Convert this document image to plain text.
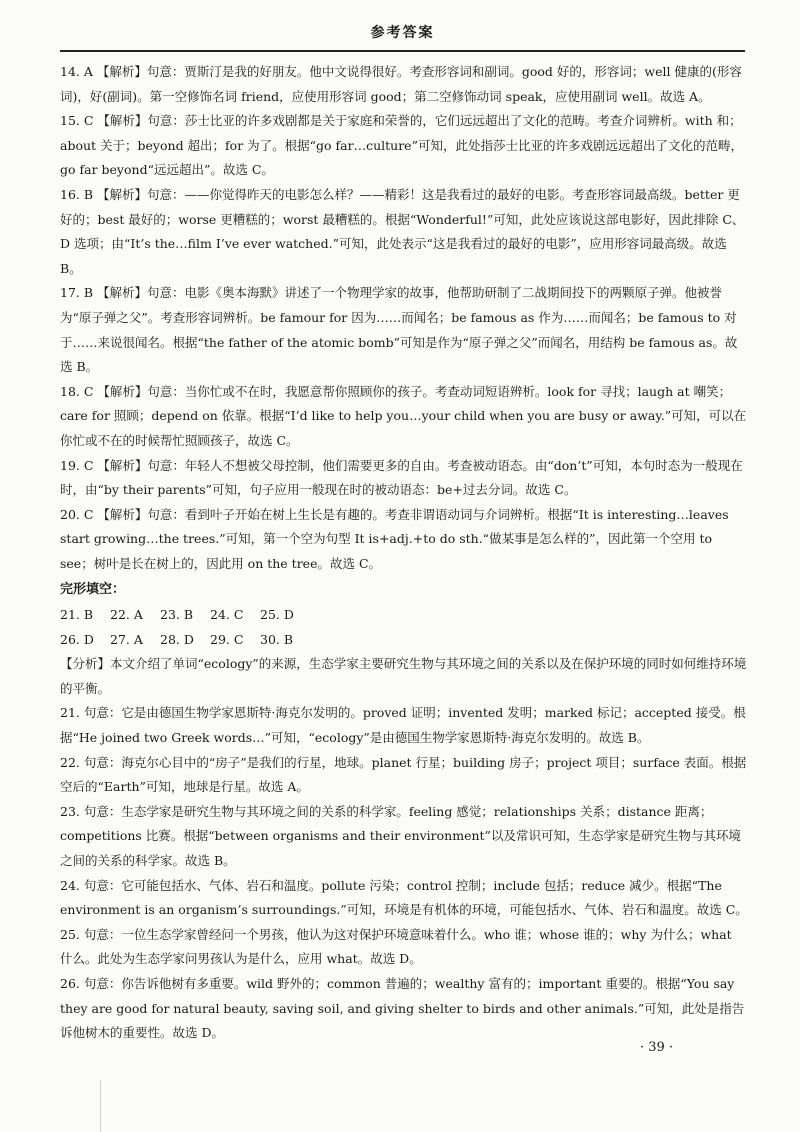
参考答案

14. A 【解析】句意：贾斯汀是我的好朋友。他中文说得很好。考查形容词和副词。good 好的，形容词；well 健康的(形容词)，好(副词)。第一空修饰名词 friend，应使用形容词 good；第二空修饰动词 speak，应使用副词 well。故选 A。

15. C 【解析】句意：莎士比亚的许多戏剧都是关于家庭和荣誉的，它们远远超出了文化的范畴。考查介词辨析。with 和；about 关于；beyond 超出；for 为了。根据“go far…culture”可知，此处指莎士比亚的许多戏剧远远超出了文化的范畴，go far beyond“远远超出”。故选 C。

16. B 【解析】句意：——你觉得昨天的电影怎么样？——精彩！这是我看过的最好的电影。考查形容词最高级。better 更好的；best 最好的；worse 更糟糕的；worst 最糟糕的。根据“Wonderful!”可知，此处应该说这部电影好，因此排除 C、D 选项；由“It’s the…film I’ve ever watched.”可知，此处表示“这是我看过的最好的电影”，应用形容词最高级。故选 B。

17. B 【解析】句意：电影《奥本海默》讲述了一个物理学家的故事，他帮助研制了二战期间投下的两颗原子弹。他被誉为“原子弹之父”。考查形容词辨析。be famour for 因为……而闻名；be famous as 作为……而闻名；be famous to 对于……来说很闻名。根据“the father of the atomic bomb”可知是作为“原子弹之父”而闻名，用结构 be famous as。故选 B。

18. C 【解析】句意：当你忙或不在时，我愿意帮你照顾你的孩子。考查动词短语辨析。look for 寻找；laugh at 嘲笑；care for 照顾；depend on 依靠。根据“I’d like to help you…your child when you are busy or away.”可知，可以在你忙或不在的时候帮忙照顾孩子，故选 C。

19. C 【解析】句意：年轻人不想被父母控制，他们需要更多的自由。考查被动语态。由“don’t”可知，本句时态为一般现在时，由“by their parents”可知，句子应用一般现在时的被动语态：be+过去分词。故选 C。

20. C 【解析】句意：看到叶子开始在树上生长是有趣的。考查非谓语动词与介词辨析。根据“It is interesting…leaves start growing…the trees.”可知，第一个空为句型 It is+adj.+to do sth.“做某事是怎么样的”，因此第一个空用 to see；树叶是长在树上的，因此用 on the tree。故选 C。

完形填空：
21. B	22. A	23. B	24. C	25. D
26. D	27. A	28. D	29. C	30. B

【分析】本文介绍了单词“ecology”的来源，生态学家主要研究生物与其环境之间的关系以及在保护环境的同时如何维持环境的平衡。

21. 句意：它是由德国生物学家恩斯特·海克尔发明的。proved 证明；invented 发明；marked 标记；accepted 接受。根据“He joined two Greek words…”可知，“ecology”是由德国生物学家恩斯特·海克尔发明的。故选 B。

22. 句意：海克尔心目中的“房子”是我们的行星，地球。planet 行星；building 房子；project 项目；surface 表面。根据空后的“Earth”可知，地球是行星。故选 A。

23. 句意：生态学家是研究生物与其环境之间的关系的科学家。feeling 感觉；relationships 关系；distance 距离；competitions 比赛。根据“between organisms and their environment”以及常识可知，生态学家是研究生物与其环境之间的关系的科学家。故选 B。

24. 句意：它可能包括水、气体、岩石和温度。pollute 污染；control 控制；include 包括；reduce 减少。根据“The environment is an organism’s surroundings.”可知，环境是有机体的环境，可能包括水、气体、岩石和温度。故选 C。

25. 句意：一位生态学家曾经问一个男孩，他认为这对保护环境意味着什么。who 谁；whose 谁的；why 为什么；what 什么。此处为生态学家问男孩认为是什么，应用 what。故选 D。

26. 句意：你告诉他树有多重要。wild 野外的；common 普遍的；wealthy 富有的；important 重要的。根据“You say they are good for natural beauty, saving soil, and giving shelter to birds and other animals.”可知，此处是指告诉他树木的重要性。故选 D。

· 39 ·
